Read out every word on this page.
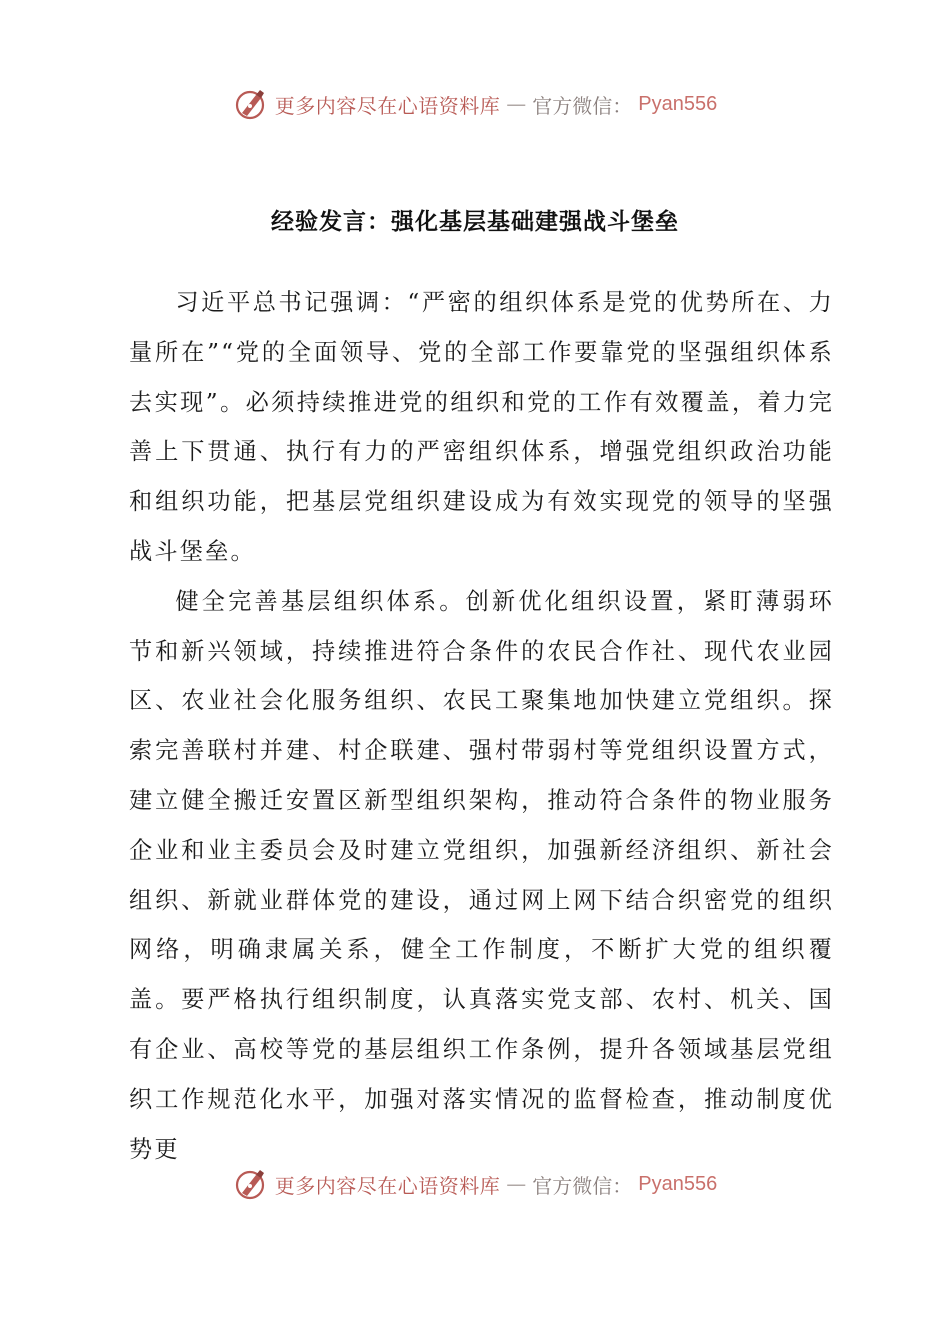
更多内容尽在心语资料库 — 官方微信： Pyan556
经验发言：强化基层基础建强战斗堡垒

习近平总书记强调：“严密的组织体系是党的优势所在、力量所在”“党的全面领导、党的全部工作要靠党的坚强组织体系去实现”。必须持续推进党的组织和党的工作有效覆盖，着力完善上下贯通、执行有力的严密组织体系，增强党组织政治功能和组织功能，把基层党组织建设成为有效实现党的领导的坚强战斗堡垒。

健全完善基层组织体系。创新优化组织设置，紧盯薄弱环节和新兴领域，持续推进符合条件的农民合作社、现代农业园区、农业社会化服务组织、农民工聚集地加快建立党组织。探索完善联村并建、村企联建、强村带弱村等党组织设置方式，建立健全搬迁安置区新型组织架构，推动符合条件的物业服务企业和业主委员会及时建立党组织，加强新经济组织、新社会组织、新就业群体党的建设，通过网上网下结合织密党的组织网络，明确隶属关系，健全工作制度，不断扩大党的组织覆盖。要严格执行组织制度，认真落实党支部、农村、机关、国有企业、高校等党的基层组织工作条例，提升各领域基层党组织工作规范化水平，加强对落实情况的监督检查，推动制度优势更

更多内容尽在心语资料库 — 官方微信： Pyan556
